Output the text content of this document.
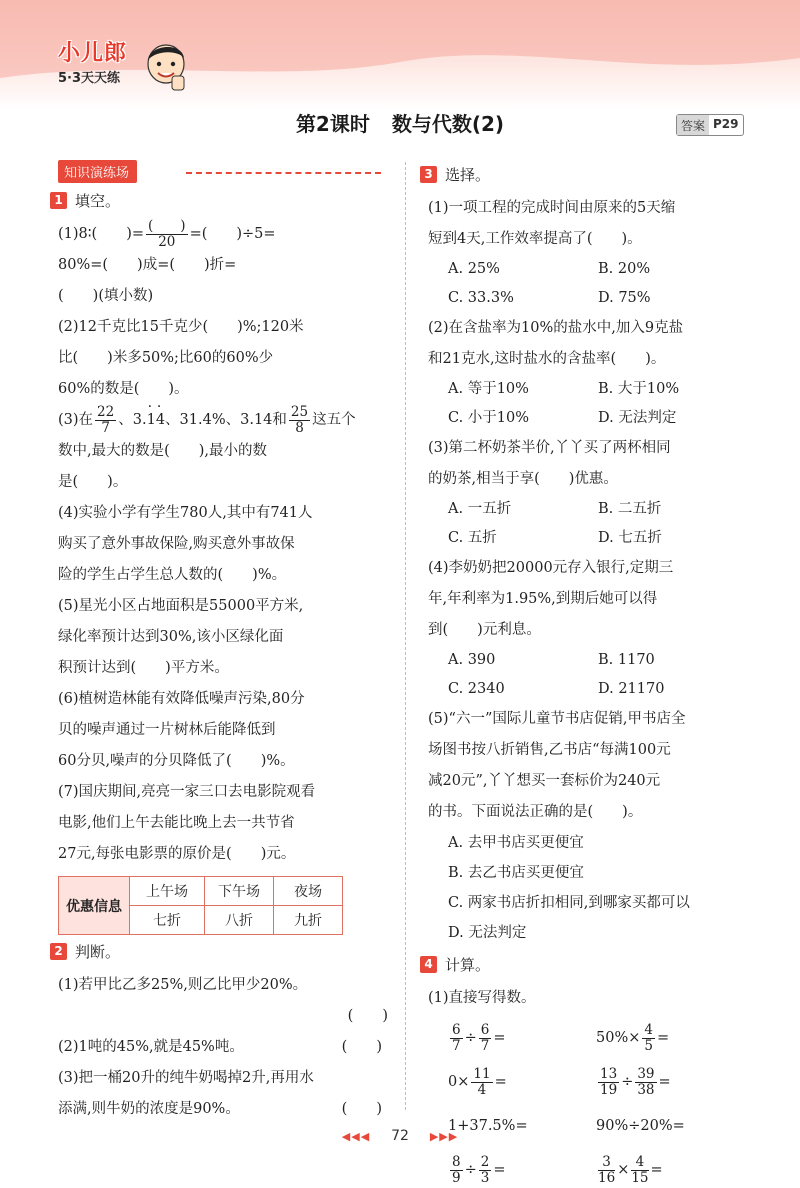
小儿郎
5·3天天练
第2课时 数与代数(2)	答案 P29
知识演练场
1 填空。
(1)8∶(　　)= $\frac{( )}{20}$ =(　　)÷5=
80%=(　　)成=(　　)折=
(　　)(填小数)
(2)12千克比15千克少(　　)%;120米
比(　　)米多50%;比60的60%少
60%的数是(　　)。
(3)在 $\frac{22}{7}$ 、3.· 1· 4、31.4%、3.14和 $\frac{25}{8}$ 这五个
数中,最大的数是(　　),最小的数
是(　　)。
(4)实验小学有学生780人,其中有741人
购买了意外事故保险,购买意外事故保
险的学生占学生总人数的(　　)%。
(5)星光小区占地面积是55000平方米,
绿化率预计达到30%,该小区绿化面
积预计达到(　　)平方米。
(6)植树造林能有效降低噪声污染,80分
贝的噪声通过一片树林后能降低到
60分贝,噪声的分贝降低了(　　)%。
(7)国庆期间,亮亮一家三口去电影院观看
电影,他们上午去能比晚上去一共节省
27元,每张电影票的原价是(　　)元。
优惠信息	上午场	下午场	夜场
	七折	八折	九折
2 判断。
(1)若甲比乙多25%,则乙比甲少20%。
(　　)
(2)1吨的45%,就是45%吨。	(　　)
(3)把一桶20升的纯牛奶喝掉2升,再用水
添满,则牛奶的浓度是90%。	(　　)
3 选择。
(1)一项工程的完成时间由原来的5天缩
短到4天,工作效率提高了(　　)。
A. 25%	B. 20%
C. 33.3%	D. 75%
(2)在含盐率为10%的盐水中,加入9克盐
和21克水,这时盐水的含盐率(　　)。
A. 等于10%	B. 大于10%
C. 小于10%	D. 无法判定
(3)第二杯奶茶半价,丫丫买了两杯相同
的奶茶,相当于享(　　)优惠。
A. 一五折	B. 二五折
C. 五折	D. 七五折
(4)李奶奶把20000元存入银行,定期三
年,年利率为1.95%,到期后她可以得
到(　　)元利息。
A. 390	B. 1170
C. 2340	D. 21170
(5)“六一”国际儿童节书店促销,甲书店全
场图书按八折销售,乙书店“每满100元
减20元”,丫丫想买一套标价为240元
的书。下面说法正确的是(　　)。
A. 去甲书店买更便宜
B. 去乙书店买更便宜
C. 两家书店折扣相同,到哪家买都可以
D. 无法判定
4 计算。
(1)直接写得数。
$\frac{6}{7} \div \frac{6}{7}$ =	$50\%\times \frac{4}{5}$ =
$0\times \frac{11}{4}$ =	$\frac{13}{19} \div \frac{39}{38}$ =
1+37.5%=	90%÷20%=
$\frac{8}{9} \div \frac{2}{3}$ =	$\frac{3}{16} \times \frac{4}{15}$ =
◀◀◀ 72 ▶▶▶
